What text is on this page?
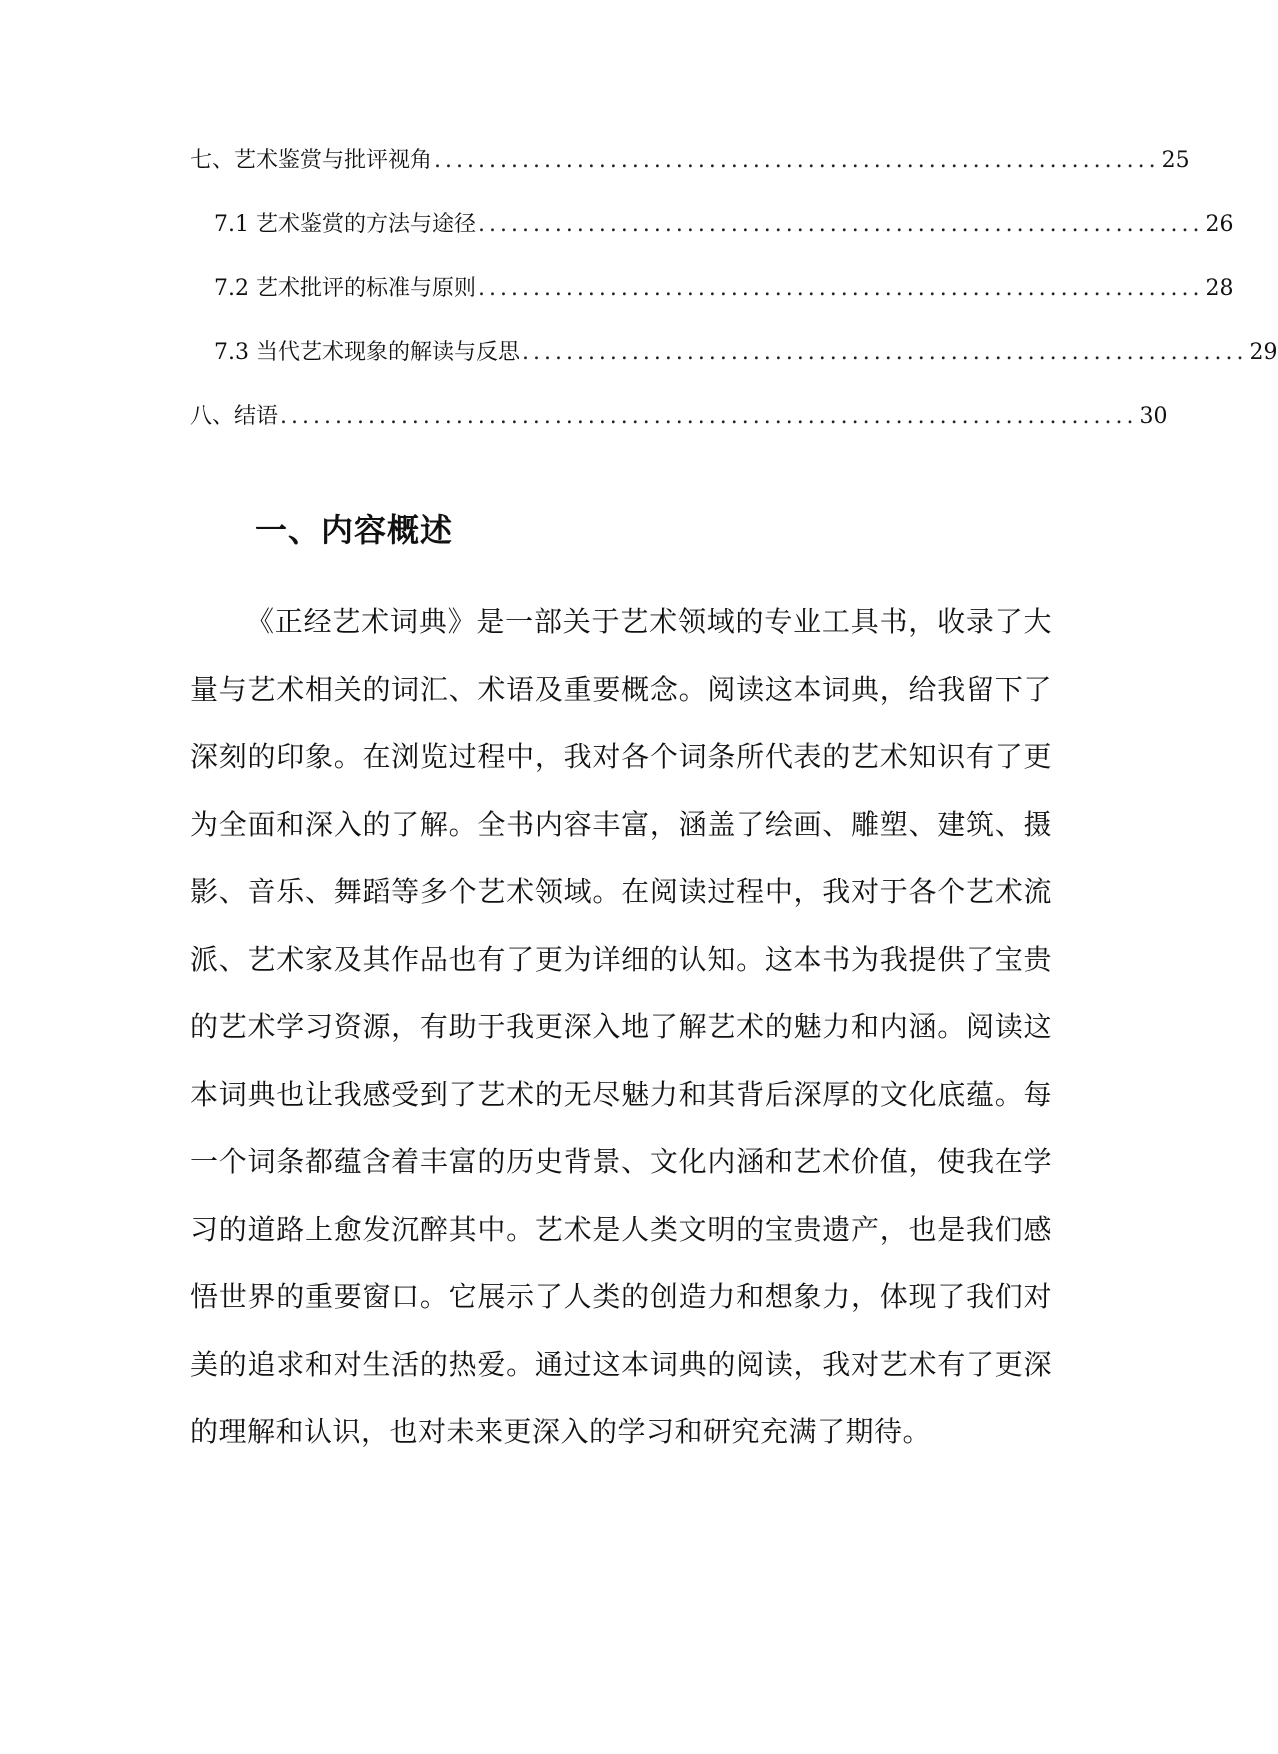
七、艺术鉴赏与批评视角 .................................................................. 25
7.1 艺术鉴赏的方法与途径 .................................................................. 26
7.2 艺术批评的标准与原则 .................................................................. 28
7.3 当代艺术现象的解读与反思 .................................................................. 29
八、结语 .............................................................................. 30
一、内容概述

《正经艺术词典》是一部关于艺术领域的专业工具书，收录了大量与艺术相关的词汇、术语及重要概念。阅读这本词典，给我留下了深刻的印象。在浏览过程中，我对各个词条所代表的艺术知识有了更为全面和深入的了解。全书内容丰富，涵盖了绘画、雕塑、建筑、摄影、音乐、舞蹈等多个艺术领域。在阅读过程中，我对于各个艺术流派、艺术家及其作品也有了更为详细的认知。这本书为我提供了宝贵的艺术学习资源，有助于我更深入地了解艺术的魅力和内涵。阅读这本词典也让我感受到了艺术的无尽魅力和其背后深厚的文化底蕴。每一个词条都蕴含着丰富的历史背景、文化内涵和艺术价值，使我在学习的道路上愈发沉醉其中。艺术是人类文明的宝贵遗产，也是我们感悟世界的重要窗口。它展示了人类的创造力和想象力，体现了我们对美的追求和对生活的热爱。通过这本词典的阅读，我对艺术有了更深的理解和认识，也对未来更深入的学习和研究充满了期待。
